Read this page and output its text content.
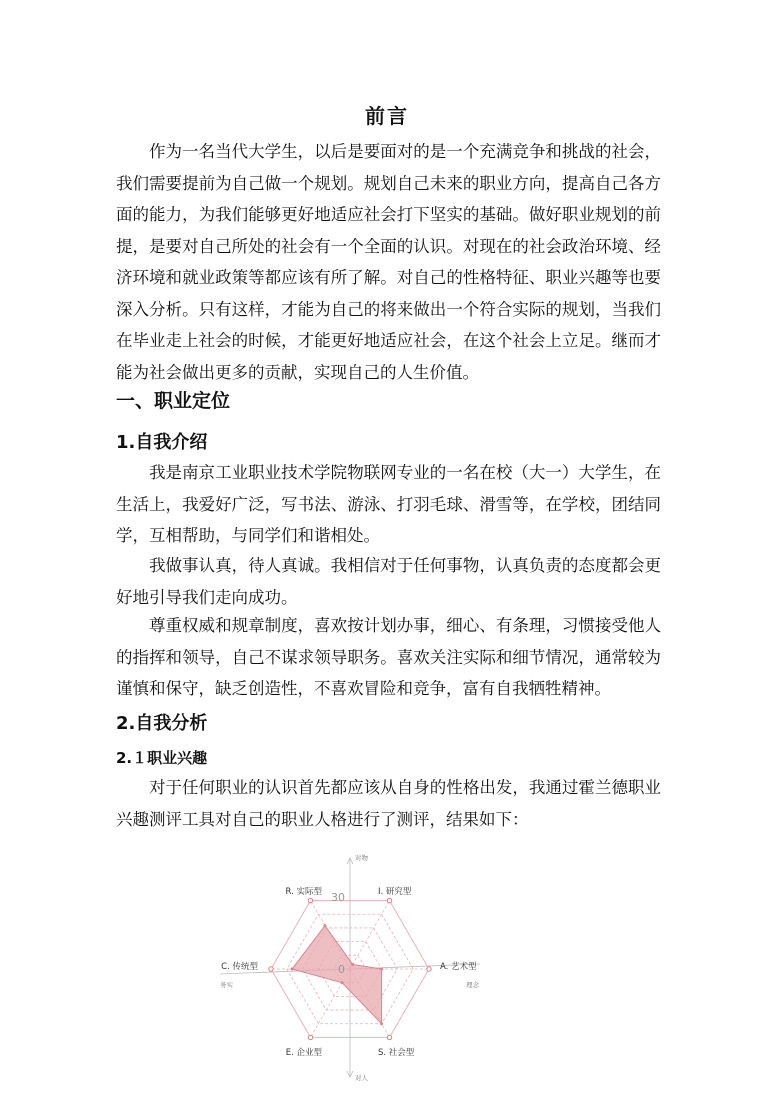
前言

作为一名当代大学生，以后是要面对的是一个充满竞争和挑战的社会，我们需要提前为自己做一个规划。规划自己未来的职业方向，提高自己各方面的能力，为我们能够更好地适应社会打下坚实的基础。做好职业规划的前提，是要对自己所处的社会有一个全面的认识。对现在的社会政治环境、经济环境和就业政策等都应该有所了解。对自己的性格特征、职业兴趣等也要深入分析。只有这样，才能为自己的将来做出一个符合实际的规划，当我们在毕业走上社会的时候，才能更好地适应社会，在这个社会上立足。继而才能为社会做出更多的贡献，实现自己的人生价值。

一、职业定位
1.自我介绍

我是南京工业职业技术学院物联网专业的一名在校（大一）大学生，在生活上，我爱好广泛，写书法、游泳、打羽毛球、滑雪等，在学校，团结同学，互相帮助，与同学们和谐相处。

我做事认真，待人真诚。我相信对于任何事物，认真负责的态度都会更好地引导我们走向成功。

尊重权威和规章制度，喜欢按计划办事，细心、有条理，习惯接受他人的指挥和领导，自己不谋求领导职务。喜欢关注实际和细节情况，通常较为谨慎和保守，缺乏创造性，不喜欢冒险和竞争，富有自我牺牲精神。

2.自我分析
2.１职业兴趣

对于任何职业的认识首先都应该从自身的性格出发，我通过霍兰德职业兴趣测评工具对自己的职业人格进行了测评，结果如下：

0
30	I. 研究型
A. 艺术型
S. 社会型
E. 企业型
C. 传统型
R. 实际型
对物
对人
务实	理念
